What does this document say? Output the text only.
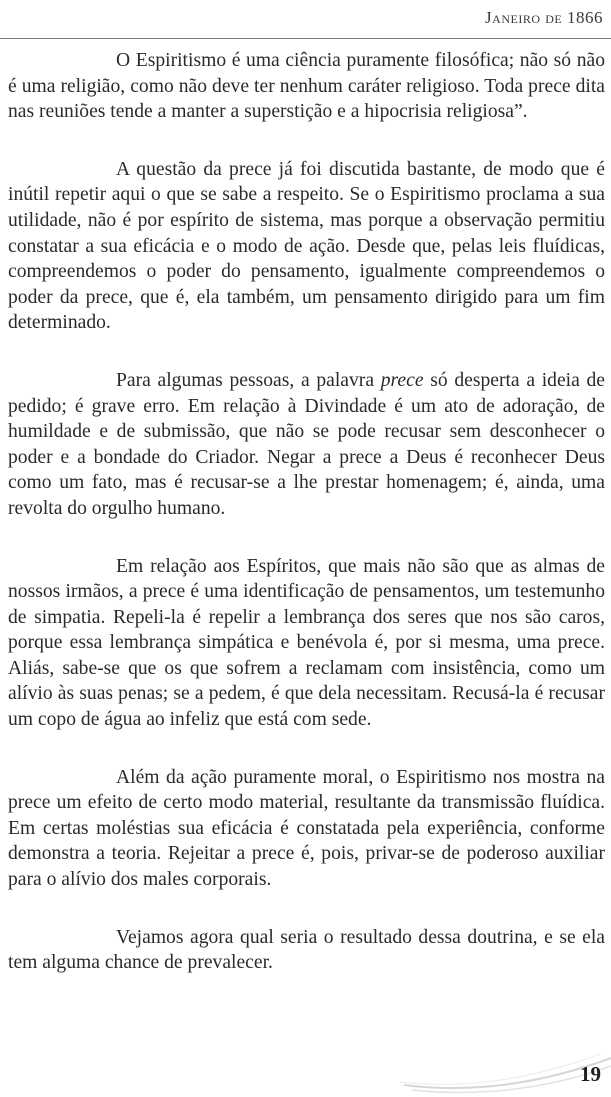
Janeiro de 1866

O Espiritismo é uma ciência puramente filosófica; não só não é uma religião, como não deve ter nenhum caráter religioso. Toda prece dita nas reuniões tende a manter a superstição e a hipocrisia religiosa”.

A questão da prece já foi discutida bastante, de modo que é inútil repetir aqui o que se sabe a respeito. Se o Espiritismo proclama a sua utilidade, não é por espírito de sistema, mas porque a observação permitiu constatar a sua eficácia e o modo de ação. Desde que, pelas leis fluídicas, compreendemos o poder do pensamento, igualmente compreendemos o poder da prece, que é, ela também, um pensamento dirigido para um fim determinado.

Para algumas pessoas, a palavra prece só desperta a ideia de pedido; é grave erro. Em relação à Divindade é um ato de adoração, de humildade e de submissão, que não se pode recusar sem desconhecer o poder e a bondade do Criador. Negar a prece a Deus é reconhecer Deus como um fato, mas é recusar-se a lhe prestar homenagem; é, ainda, uma revolta do orgulho humano.

Em relação aos Espíritos, que mais não são que as almas de nossos irmãos, a prece é uma identificação de pensamentos, um testemunho de simpatia. Repeli-la é repelir a lembrança dos seres que nos são caros, porque essa lembrança simpática e benévola é, por si mesma, uma prece. Aliás, sabe-se que os que sofrem a reclamam com insistência, como um alívio às suas penas; se a pedem, é que dela necessitam. Recusá-la é recusar um copo de água ao infeliz que está com sede.

Além da ação puramente moral, o Espiritismo nos mostra na prece um efeito de certo modo material, resultante da transmissão fluídica. Em certas moléstias sua eficácia é constatada pela experiência, conforme demonstra a teoria. Rejeitar a prece é, pois, privar-se de poderoso auxiliar para o alívio dos males corporais.

Vejamos agora qual seria o resultado dessa doutrina, e se ela tem alguma chance de prevalecer.

19
